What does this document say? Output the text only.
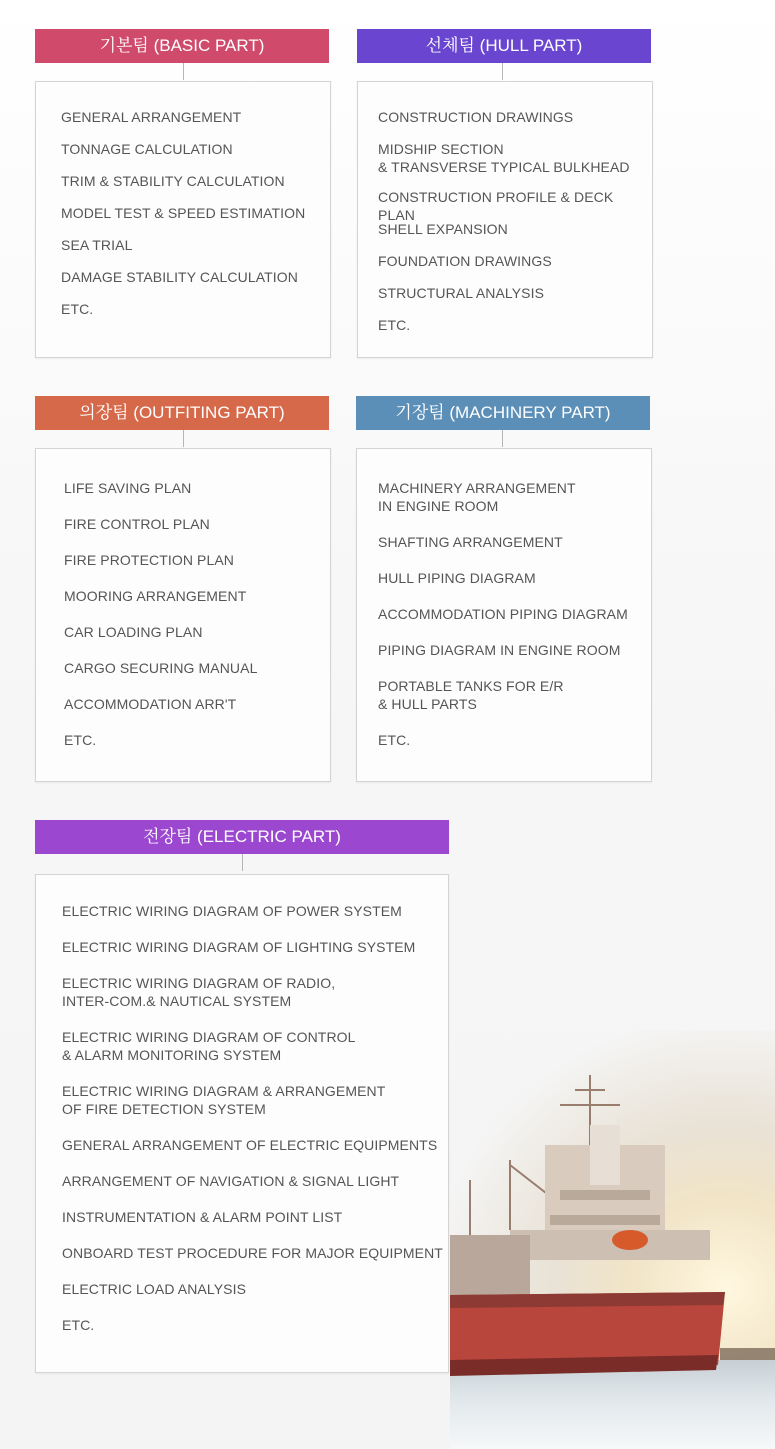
기본팀 (BASIC PART)
GENERAL ARRANGEMENT
TONNAGE CALCULATION
TRIM & STABILITY CALCULATION
MODEL TEST & SPEED ESTIMATION
SEA TRIAL
DAMAGE STABILITY CALCULATION
ETC.
선체팀 (HULL PART)
CONSTRUCTION DRAWINGS
MIDSHIP SECTION
& TRANSVERSE TYPICAL BULKHEAD
CONSTRUCTION PROFILE & DECK PLAN
SHELL EXPANSION
FOUNDATION DRAWINGS
STRUCTURAL ANALYSIS
ETC.
의장팀 (OUTFITING PART)
LIFE SAVING PLAN
FIRE CONTROL PLAN
FIRE PROTECTION PLAN
MOORING ARRANGEMENT
CAR LOADING PLAN
CARGO SECURING MANUAL
ACCOMMODATION ARR'T
ETC.
기장팀 (MACHINERY PART)
MACHINERY ARRANGEMENT
IN ENGINE ROOM
SHAFTING ARRANGEMENT
HULL PIPING DIAGRAM
ACCOMMODATION PIPING DIAGRAM
PIPING DIAGRAM IN ENGINE ROOM
PORTABLE TANKS FOR E/R
& HULL PARTS
ETC.
전장팀 (ELECTRIC PART)
ELECTRIC WIRING DIAGRAM OF POWER SYSTEM
ELECTRIC WIRING DIAGRAM OF LIGHTING SYSTEM
ELECTRIC WIRING DIAGRAM OF RADIO,
INTER-COM.& NAUTICAL SYSTEM
ELECTRIC WIRING DIAGRAM OF CONTROL
& ALARM MONITORING SYSTEM
ELECTRIC WIRING DIAGRAM & ARRANGEMENT
OF FIRE DETECTION SYSTEM
GENERAL ARRANGEMENT OF ELECTRIC EQUIPMENTS
ARRANGEMENT OF NAVIGATION & SIGNAL LIGHT
INSTRUMENTATION & ALARM POINT LIST
ONBOARD TEST PROCEDURE FOR MAJOR EQUIPMENT
ELECTRIC LOAD ANALYSIS
ETC.
